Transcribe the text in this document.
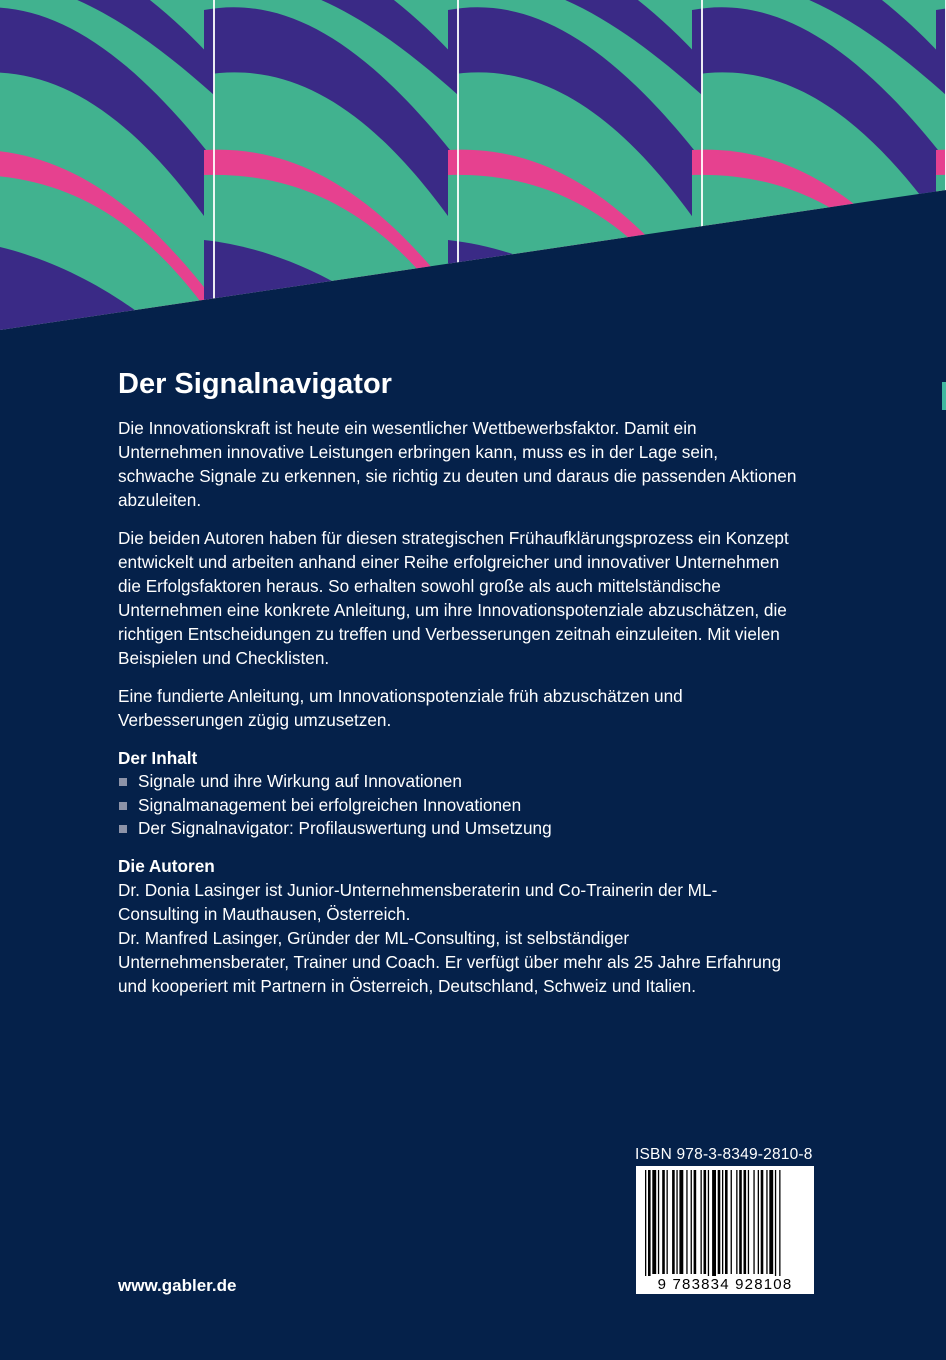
Der Signalnavigator

Die Innovationskraft ist heute ein wesentlicher Wettbewerbsfaktor. Damit ein Unternehmen innovative Leistungen erbringen kann, muss es in der Lage sein, schwache Signale zu erkennen, sie richtig zu deuten und daraus die passenden Aktionen abzuleiten.

Die beiden Autoren haben für diesen strategischen Frühaufklärungsprozess ein Konzept entwickelt und arbeiten anhand einer Reihe erfolgreicher und innovativer Unternehmen die Erfolgsfaktoren heraus. So erhalten sowohl große als auch mittelständische Unternehmen eine konkrete Anleitung, um ihre Innovationspotenziale abzuschätzen, die richtigen Entscheidungen zu treffen und Verbesserungen zeitnah einzuleiten. Mit vielen Beispielen und Checklisten.

Eine fundierte Anleitung, um Innovationspotenziale früh abzuschätzen und Verbesserungen zügig umzusetzen.

Der Inhalt
Signale und ihre Wirkung auf Innovationen
Signalmanagement bei erfolgreichen Innovationen
Der Signalnavigator: Profilauswertung und Umsetzung
Die Autoren

Dr. Donia Lasinger ist Junior-Unternehmensberaterin und Co-Trainerin der ML-Consulting in Mauthausen, Österreich.

Dr. Manfred Lasinger, Gründer der ML-Consulting, ist selbständiger Unternehmensberater, Trainer und Coach. Er verfügt über mehr als 25 Jahre Erfahrung und kooperiert mit Partnern in Österreich, Deutschland, Schweiz und Italien.

ISBN 978-3-8349-2810-8
9 783834 928108
www.gabler.de
